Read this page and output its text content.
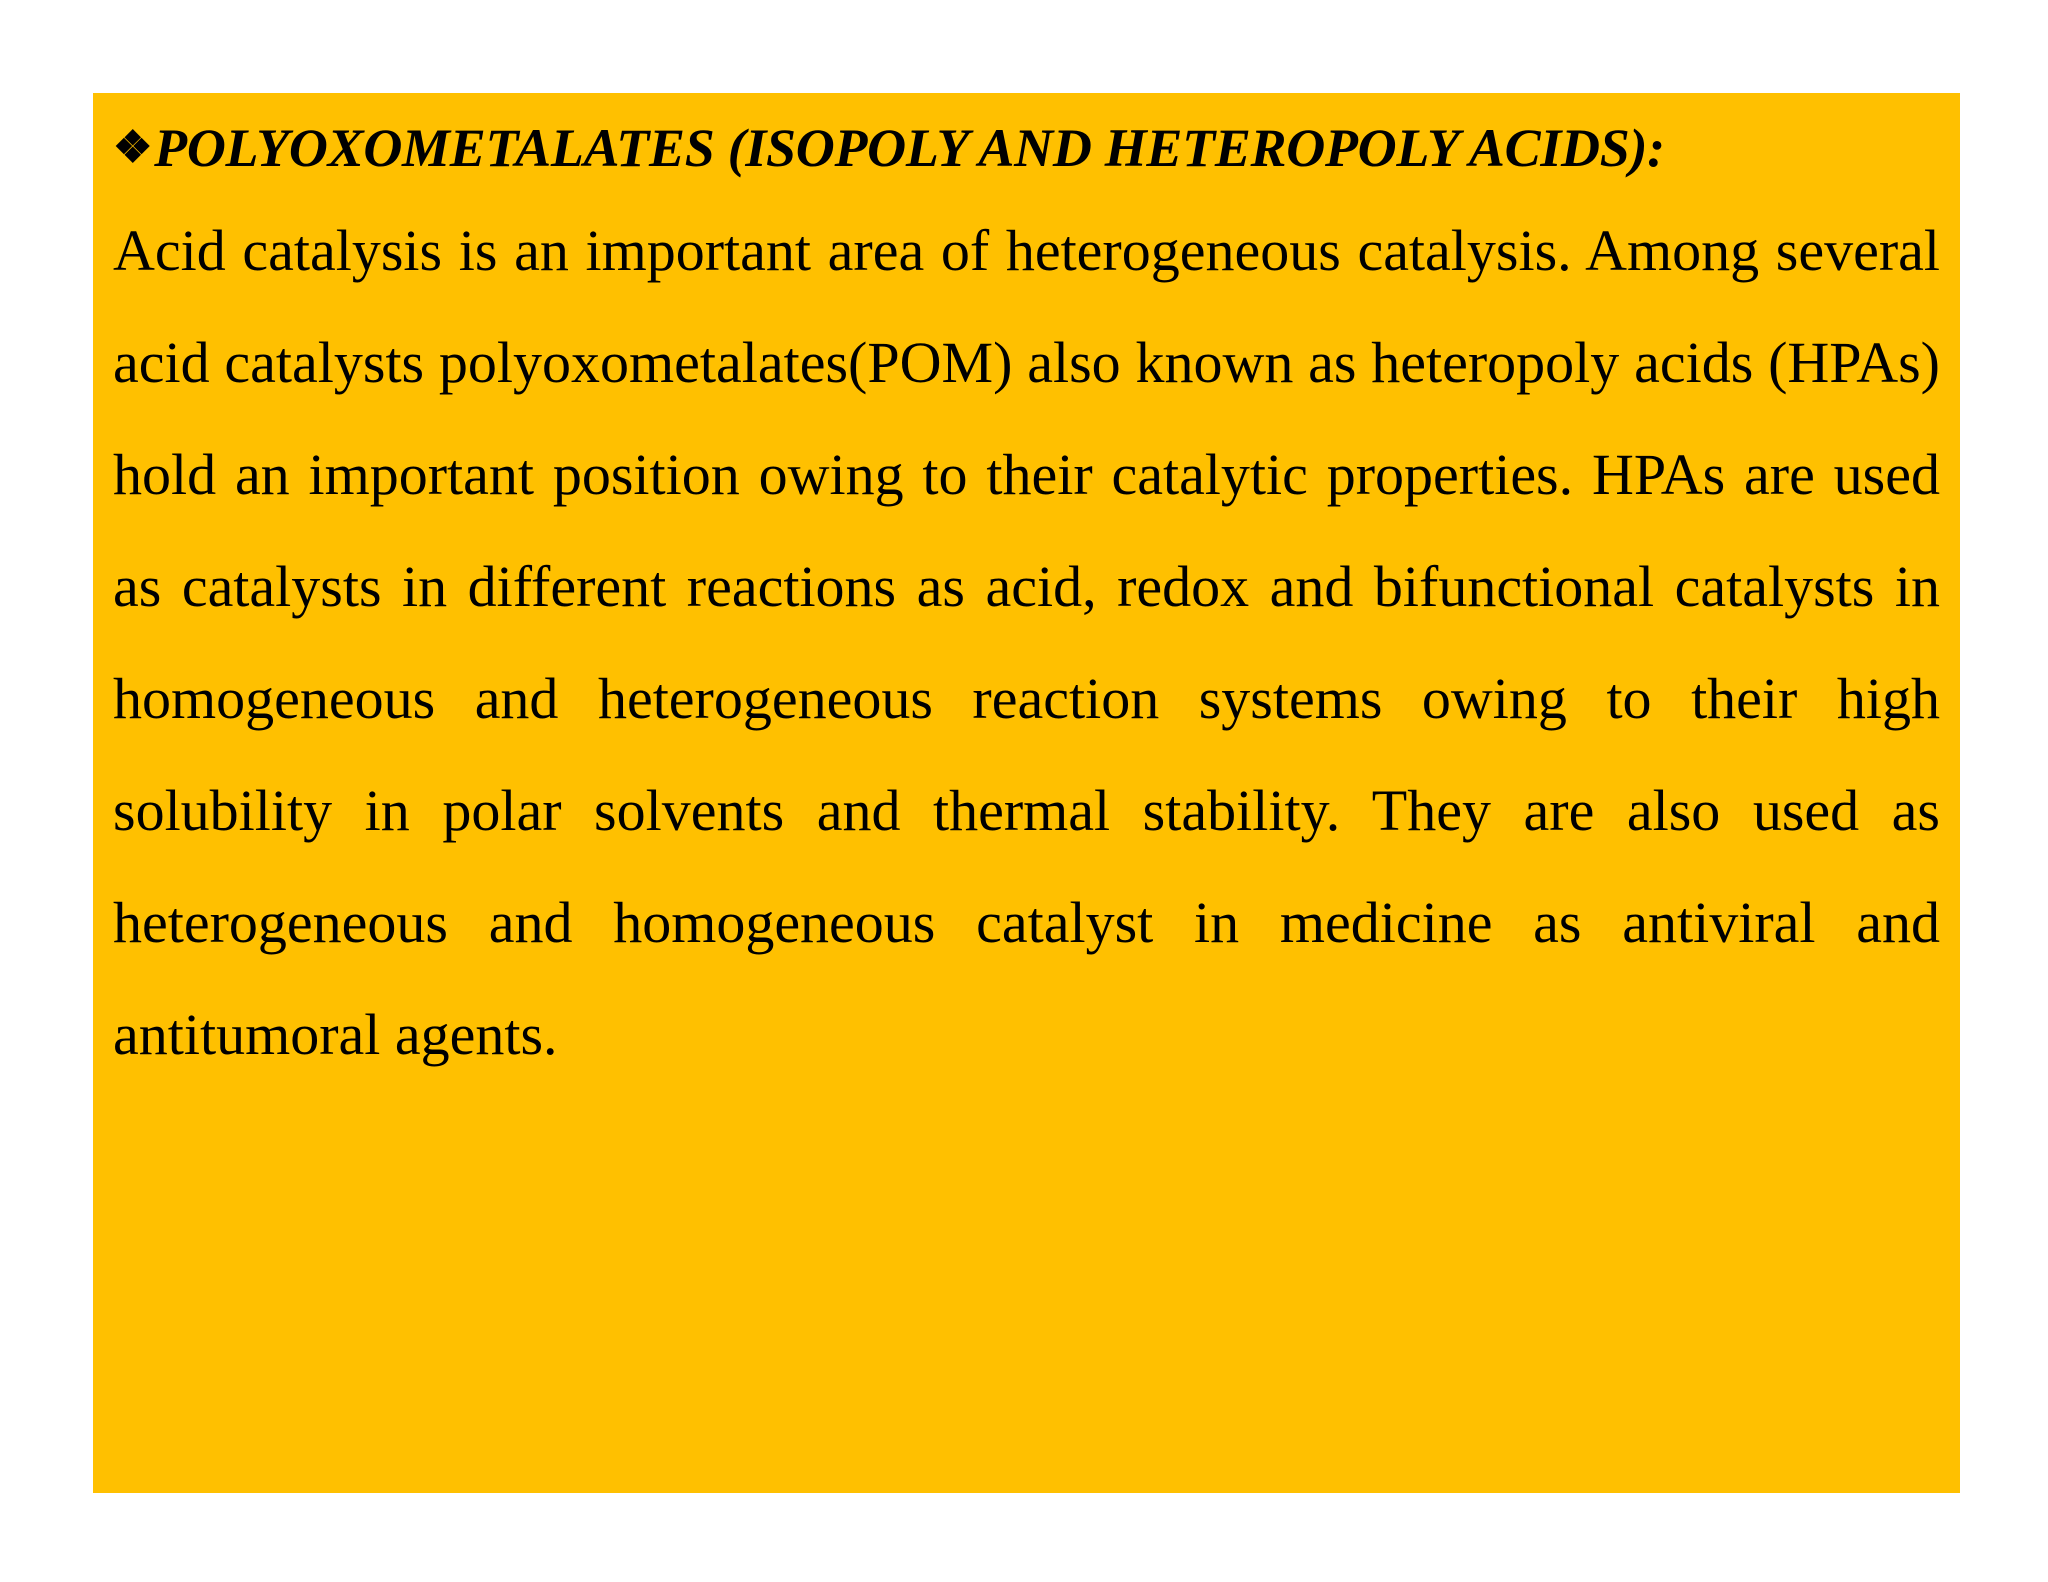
❖ POLYOXOMETALATES (ISOPOLY AND HETEROPOLY ACIDS):

Acid catalysis is an important area of heterogeneous catalysis. Among several acid catalysts polyoxometalates(POM) also known as heteropoly acids (HPAs) hold an important position owing to their catalytic properties. HPAs are used as catalysts in different reactions as acid, redox and bifunctional catalysts in homogeneous and heterogeneous reaction systems owing to their high solubility in polar solvents and thermal stability. They are also used as heterogeneous and homogeneous catalyst in medicine as antiviral and antitumoral agents.
